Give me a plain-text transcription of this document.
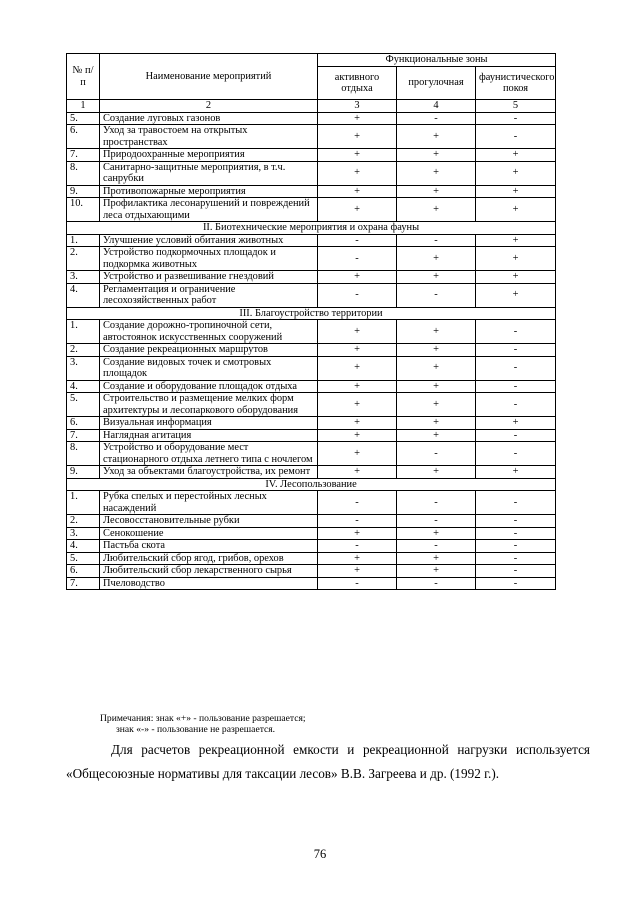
№ п/п	Наименование мероприятий	Функциональные зоны		
		активного отдыха	прогулочная	фаунистического покоя
1	2	3	4	5
5.	Создание луговых газонов	+	-	-
6.	Уход за травостоем на открытых пространствах	+	+	-
7.	Природоохранные мероприятия	+	+	+
8.	Санитарно-защитные мероприятия, в т.ч. санрубки	+	+	+
9.	Противопожарные мероприятия	+	+	+
10.	Профилактика лесонарушений и повреждений леса отдыхающими	+	+	+
II. Биотехнические мероприятия и охрана фауны				
1.	Улучшение условий обитания животных	-	-	+
2.	Устройство подкормочных площадок и подкормка животных	-	+	+
3.	Устройство и развешивание гнездовий	+	+	+
4.	Регламентация и ограничение лесохозяйственных работ	-	-	+
III. Благоустройство территории				
1.	Создание дорожно-тропиночной сети, автостоянок искусственных сооружений	+	+	-
2.	Создание рекреационных маршрутов	+	+	-
3.	Создание видовых точек и смотровых площадок	+	+	-
4.	Создание и оборудование площадок отдыха	+	+	-
5.	Строительство и размещение мелких форм архитектуры и лесопаркового оборудования	+	+	-
6.	Визуальная информация	+	+	+
7.	Наглядная агитация	+	+	-
8.	Устройство и оборудование мест стационарного отдыха летнего типа с ночлегом	+	-	-
9.	Уход за объектами благоустройства, их ремонт	+	+	+
IV. Лесопользование				
1.	Рубка спелых и перестойных лесных насаждений	-	-	-
2.	Лесовосстановительные рубки	-	-	-
3.	Сенокошение	+	+	-
4.	Пастьба скота	-	-	-
5.	Любительский сбор ягод, грибов, орехов	+	+	-
6.	Любительский сбор лекарственного сырья	+	+	-
7.	Пчеловодство	-	-	-
Примечания: знак «+» - пользование разрешается;
знак «-» - пользование не разрешается.
Для расчетов рекреационной емкости и рекреационной нагрузки используется «Общесоюзные нормативы для таксации лесов» В.В. Загреева и др. (1992 г.).
76
